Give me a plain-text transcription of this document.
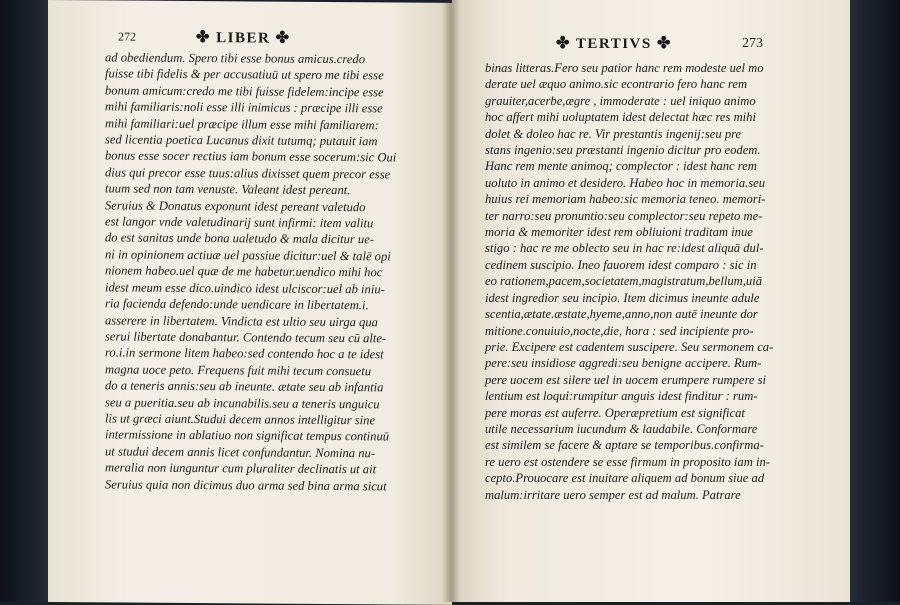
272	✤ LIBER ✤
ad obediendum. Spero tibi esse bonus amicus.credo
fuisse tibi fidelis & per accusatiuū ut spero me tibi esse
bonum amicum:credo me tibi fuisse fidelem:incipe esse
mihi familiaris:noli esse illi inimicus : præcipe illi esse
mihi familiari:uel præcipe illum esse mihi familiarem:
sed licentia poetica Lucanus dixit tutumq; putauit iam
bonus esse socer rectius iam bonum esse socerum:sic Oui
dius qui precor esse tuus:alius dixisset quem precor esse
tuum sed non tam venuste. Valeant idest pereant.
Seruius & Donatus exponunt idest pereant valetudo
est langor vnde valetudinarij sunt infirmi: item valitu
do est sanitas unde bona ualetudo & mala dicitur ue-
ni in opinionem actiuæ uel passiue dicitur:uel & talē opi
nionem habeo.uel quæ de me habetur.uendico mihi hoc
idest meum esse dico.uindico idest ulciscor:uel ab iniu-
ria facienda defendo:unde uendicare in libertatem.i.
asserere in libertatem. Vindicta est ultio seu uirga qua
serui libertate donabantur. Contendo tecum seu cū alte-
ro.i.in sermone litem habeo:sed contendo hoc a te idest
magna uoce peto. Frequens fuit mihi tecum consuetu
do a teneris annis:seu ab ineunte. ætate seu ab infantia
seu a pueritia.seu ab incunabilis.seu a teneris unguicu
lis ut græci aiunt.Studui decem annos intelligitur sine
intermissione in ablatiuo non significat tempus continuū
ut studui decem annis licet confundantur. Nomina nu-
meralia non iunguntur cum pluraliter declinatis ut ait
Seruius quia non dicimus duo arma sed bina arma sicut
✤ TERTIVS ✤	273
binas litteras.Fero seu patior hanc rem modeste uel mo
derate uel æquo animo.sic econtrario fero hanc rem
grauiter,acerbe,ægre , immoderate : uel iniquo animo
hoc affert mihi uoluptatem idest delectat hæc res mihi
dolet & doleo hac re. Vir prestantis ingenij:seu pre
stans ingenio:seu præstanti ingenio dicitur pro eodem.
Hanc rem mente animoq; complector : idest hanc rem
uoluto in animo et desidero. Habeo hoc in memoria.seu
huius rei memoriam habeo:sic memoria teneo. memori-
ter narro:seu pronuntio:seu complector:seu repeto me-
moria & memoriter idest rem obliuioni traditam inue
stigo : hac re me oblecto seu in hac re:idest aliquā dul-
cedinem suscipio. Ineo fauorem idest comparo : sic in
eo rationem,pacem,societatem,magistratum,bellum,uiā
idest ingredior seu incipio. Item dicimus ineunte adule
scentia,ætate.æstate,hyeme,anno,non autē ineunte dor
mitione.conuiuio,nocte,die, hora : sed incipiente pro-
prie. Excipere est cadentem suscipere. Seu sermonem ca-
pere:seu insidiose aggredi:seu benigne accipere. Rum-
pere uocem est silere uel in uocem erumpere rumpere si
lentium est loqui:rumpitur anguis idest finditur : rum-
pere moras est auferre. Operæpretium est significat
utile necessarium iucundum & laudabile. Conformare
est similem se facere & aptare se temporibus.confirma-
re uero est ostendere se esse firmum in proposito iam in-
cepto.Prouocare est inuitare aliquem ad bonum siue ad
malum:irritare uero semper est ad malum. Patrare
